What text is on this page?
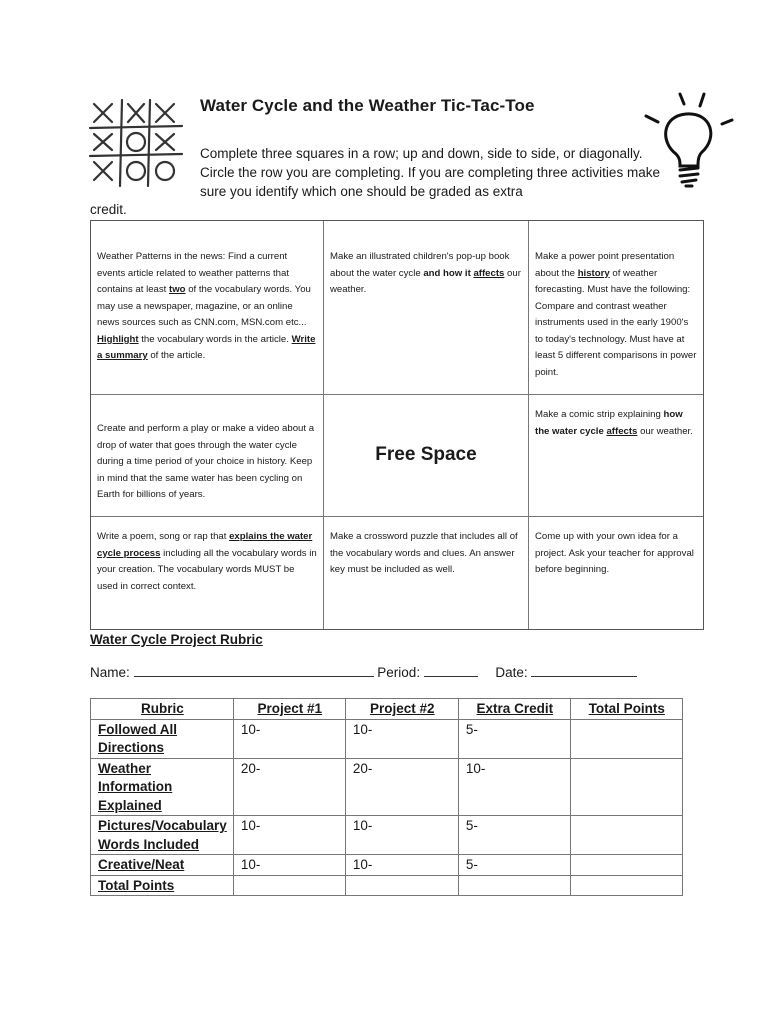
Water Cycle and the Weather Tic-Tac-Toe
Complete three squares in a row; up and down, side to side, or diagonally. Circle the row you are completing. If you are completing three activities make sure you identify which one should be graded as extra
credit.
Weather Patterns in the news: Find a current events article related to weather patterns that contains at least two of the vocabulary words. You may use a newspaper, magazine, or an online news sources such as CNN.com, MSN.com etc... Highlight the vocabulary words in the article. Write a summary of the article.
Make an illustrated children's pop-up book about the water cycle and how it affects our weather.
Make a power point presentation about the history of weather forecasting. Must have the following: Compare and contrast weather instruments used in the early 1900's to today's technology. Must have at least 5 different comparisons in power point.
Create and perform a play or make a video about a drop of water that goes through the water cycle during a time period of your choice in history. Keep in mind that the same water has been cycling on Earth for billions of years.
Free Space
Make a comic strip explaining how the water cycle affects our weather.
Write a poem, song or rap that explains the water cycle process including all the vocabulary words in your creation. The vocabulary words MUST be used in correct context.
Make a crossword puzzle that includes all of the vocabulary words and clues. An answer key must be included as well.
Come up with your own idea for a project. Ask your teacher for approval before beginning.
Water Cycle Project Rubric
Name:	Period:	Date:
Rubric	Project #1	Project #2	Extra Credit	Total Points
Followed All Directions	10-	10-	5-	
Weather Information Explained	20-	20-	10-	
Pictures/Vocabulary Words Included	10-	10-	5-	
Creative/Neat	10-	10-	5-	
Total Points				
